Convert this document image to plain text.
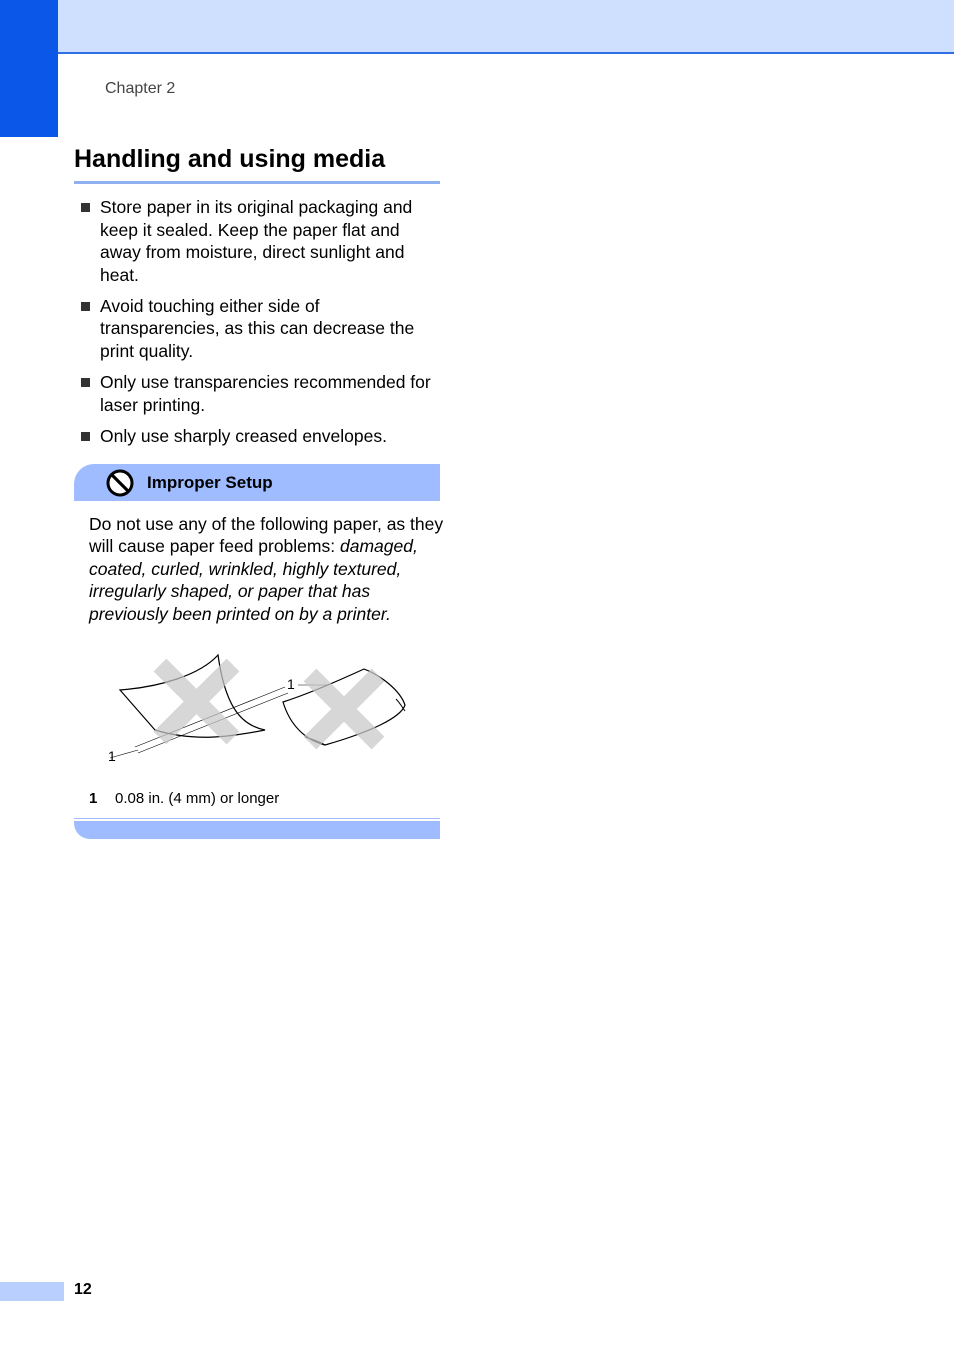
Chapter 2
Handling and using media
Store paper in its original packaging and keep it sealed. Keep the paper flat and away from moisture, direct sunlight and heat.
Avoid touching either side of transparencies, as this can decrease the print quality.
Only use transparencies recommended for laser printing.
Only use sharply creased envelopes.
Improper Setup
Do not use any of the following paper, as they will cause paper feed problems: damaged, coated, curled, wrinkled, highly textured, irregularly shaped, or paper that has previously been printed on by a printer.
1
1
1 0.08 in. (4 mm) or longer
12
